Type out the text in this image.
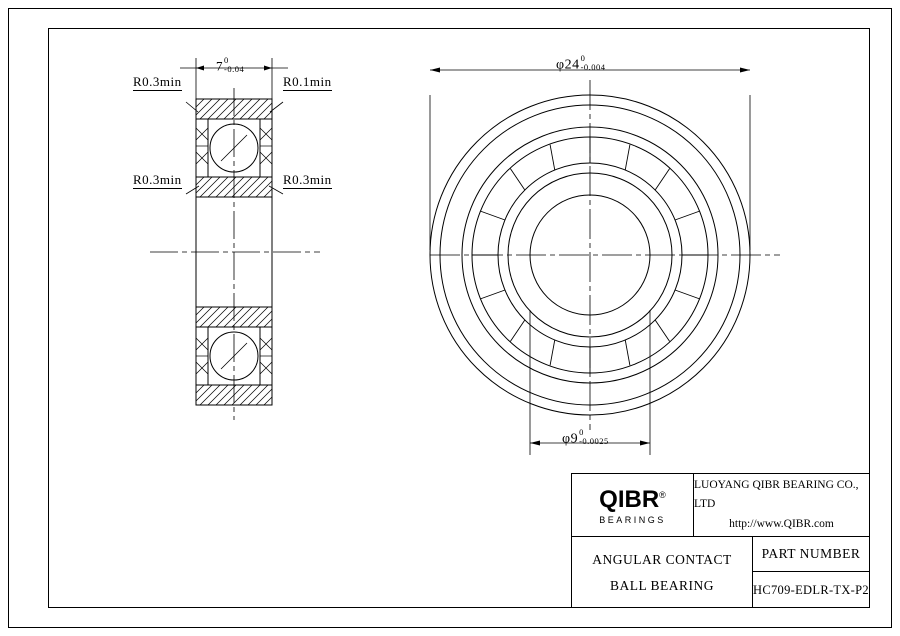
7 0
-0.04
R0.3min	R0.1min
R0.3min	R0.3min
φ24 0
-0.004
φ9 0
-0.0025
QIBR®
BEARINGS
LUOYANG QIBR BEARING CO., LTD
http://www.QIBR.com
ANGULAR CONTACT
BALL BEARING
PART NUMBER
HC709-EDLR-TX-P2
